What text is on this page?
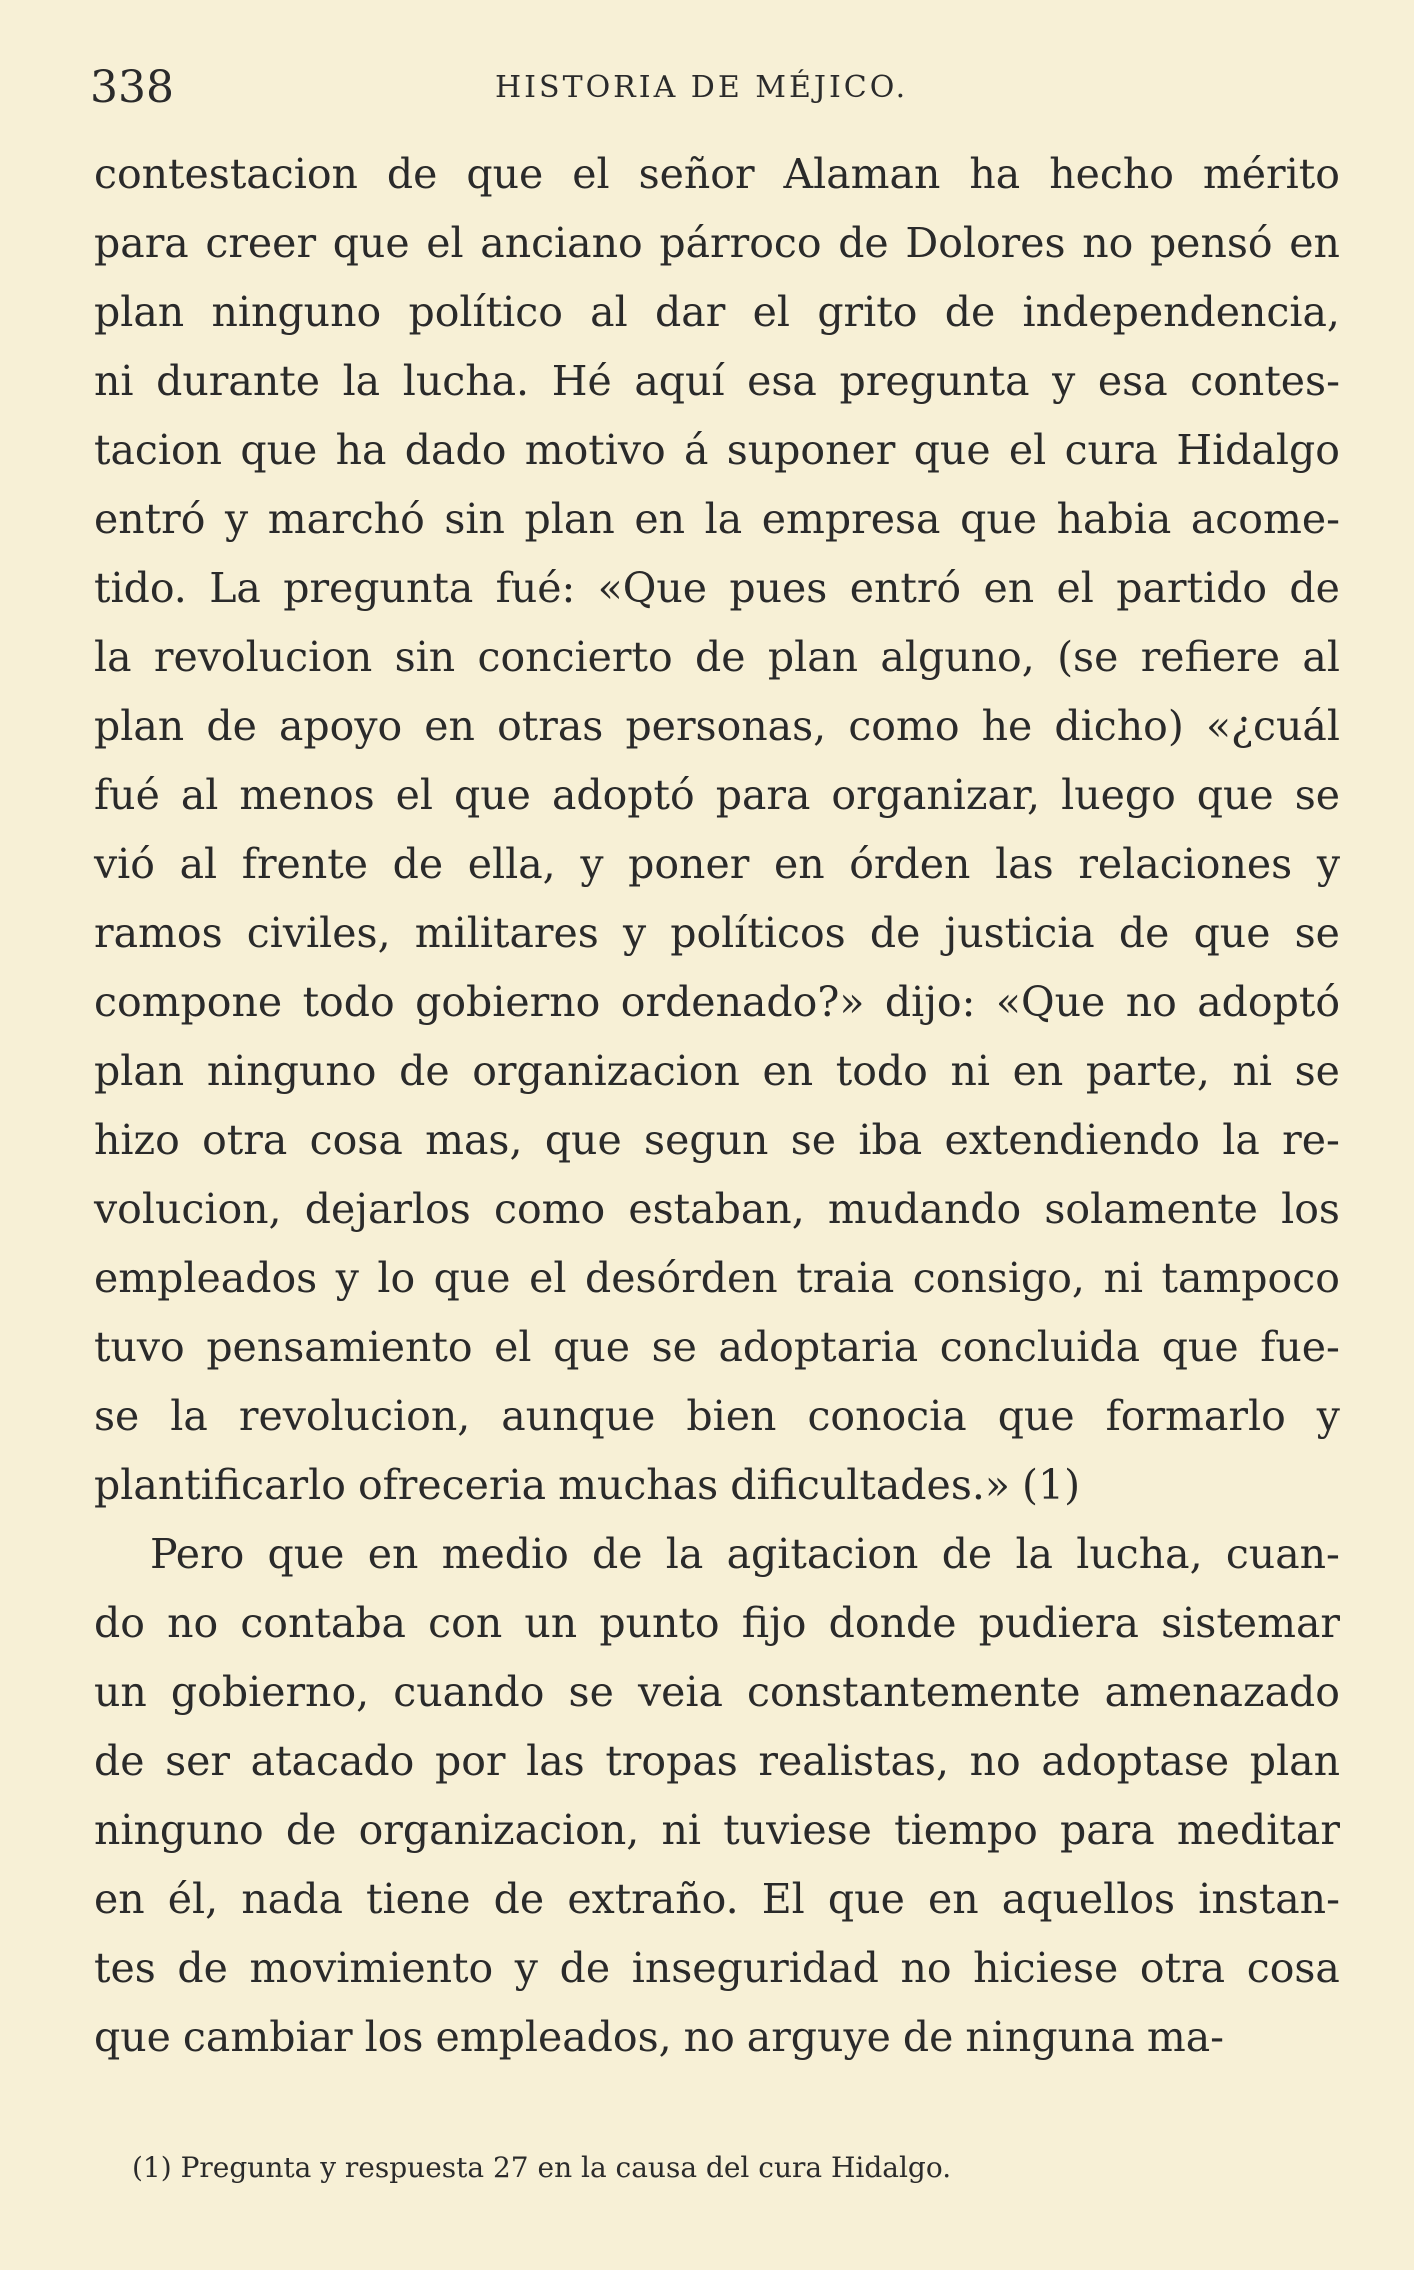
338	HISTORIA DE MÉJICO.
contestacion de que el señor Alaman ha hecho mérito
para creer que el anciano párroco de Dolores no pensó en
plan ninguno político al dar el grito de independencia,
ni durante la lucha. Hé aquí esa pregunta y esa contes-
tacion que ha dado motivo á suponer que el cura Hidalgo
entró y marchó sin plan en la empresa que habia acome-
tido. La pregunta fué: «Que pues entró en el partido de
la revolucion sin concierto de plan alguno, (se refiere al
plan de apoyo en otras personas, como he dicho) «¿cuál
fué al menos el que adoptó para organizar, luego que se
vió al frente de ella, y poner en órden las relaciones y
ramos civiles, militares y políticos de justicia de que se
compone todo gobierno ordenado?» dijo: «Que no adoptó
plan ninguno de organizacion en todo ni en parte, ni se
hizo otra cosa mas, que segun se iba extendiendo la re-
volucion, dejarlos como estaban, mudando solamente los
empleados y lo que el desórden traia consigo, ni tampoco
tuvo pensamiento el que se adoptaria concluida que fue-
se la revolucion, aunque bien conocia que formarlo y
plantificarlo ofreceria muchas dificultades.» (1)
Pero que en medio de la agitacion de la lucha, cuan-
do no contaba con un punto fijo donde pudiera sistemar
un gobierno, cuando se veia constantemente amenazado
de ser atacado por las tropas realistas, no adoptase plan
ninguno de organizacion, ni tuviese tiempo para meditar
en él, nada tiene de extraño. El que en aquellos instan-
tes de movimiento y de inseguridad no hiciese otra cosa
que cambiar los empleados, no arguye de ninguna ma-
(1) Pregunta y respuesta 27 en la causa del cura Hidalgo.
